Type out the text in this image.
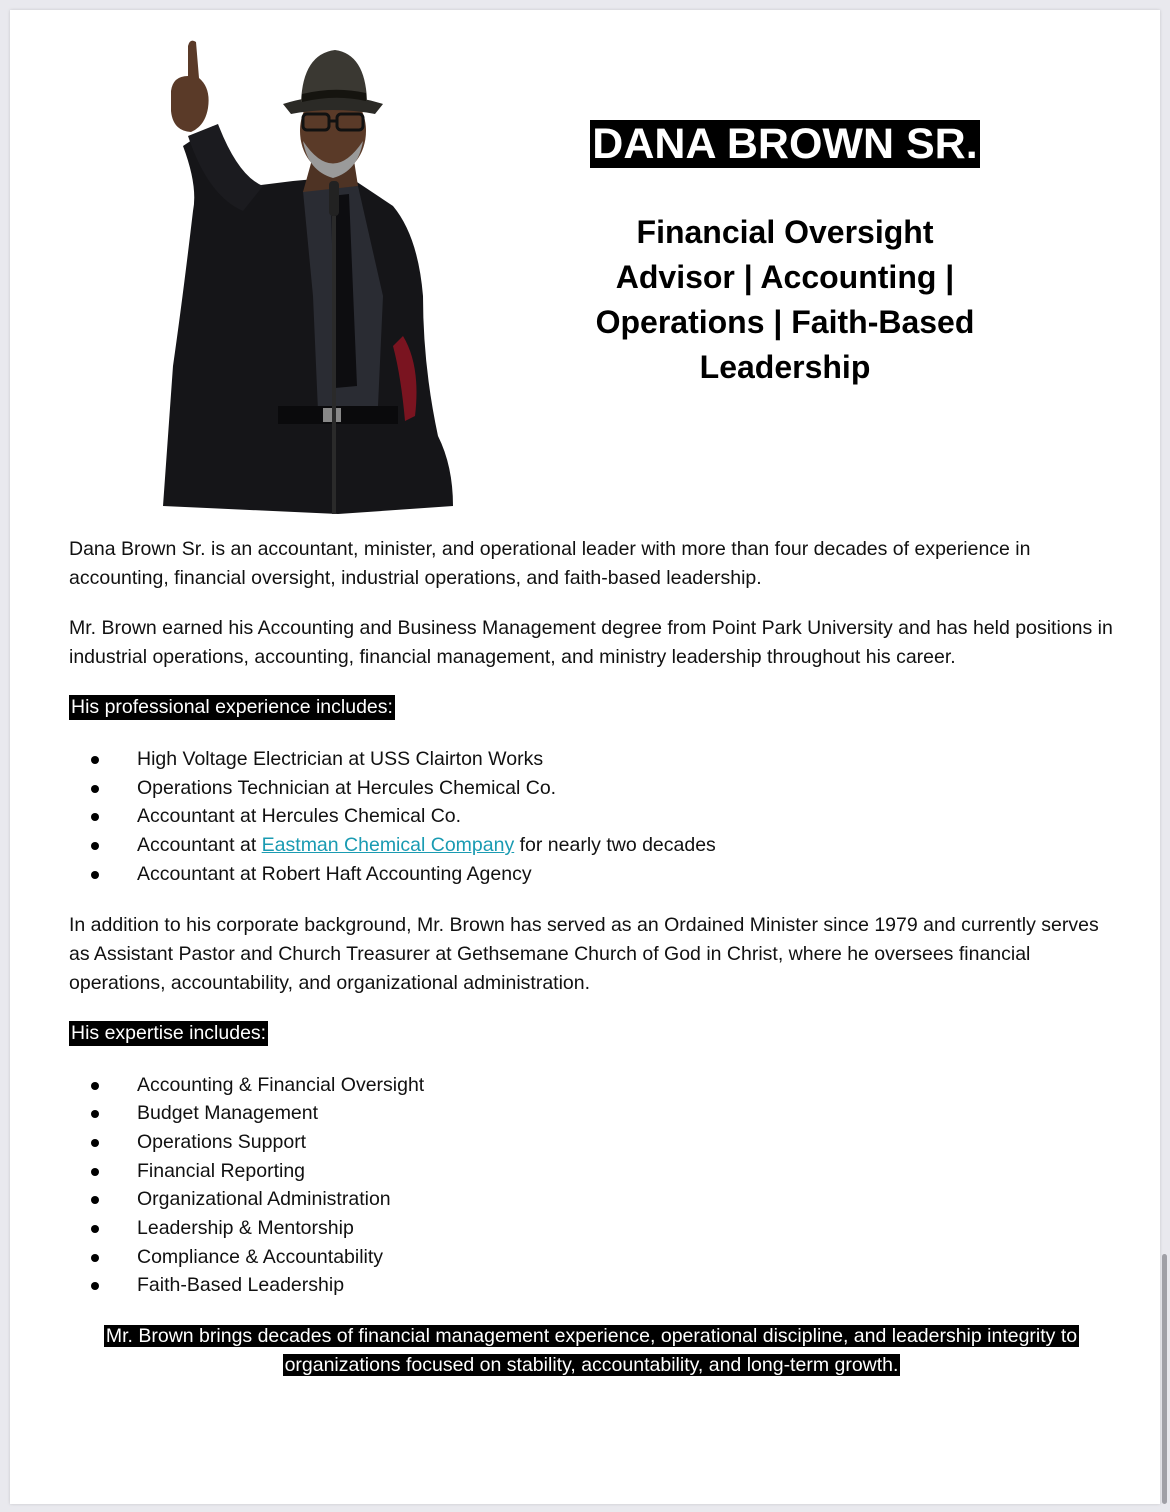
DANA BROWN SR.
Financial Oversight Advisor | Accounting | Operations | Faith-Based Leadership

Dana Brown Sr. is an accountant, minister, and operational leader with more than four decades of experience in accounting, financial oversight, industrial operations, and faith-based leadership.

Mr. Brown earned his Accounting and Business Management degree from Point Park University and has held positions in industrial operations, accounting, financial management, and ministry leadership throughout his career.

His professional experience includes:
High Voltage Electrician at USS Clairton Works
Operations Technician at Hercules Chemical Co.
Accountant at Hercules Chemical Co.
Accountant at Eastman Chemical Company for nearly two decades
Accountant at Robert Haft Accounting Agency

In addition to his corporate background, Mr. Brown has served as an Ordained Minister since 1979 and currently serves as Assistant Pastor and Church Treasurer at Gethsemane Church of God in Christ, where he oversees financial operations, accountability, and organizational administration.

His expertise includes:
Accounting & Financial Oversight
Budget Management
Operations Support
Financial Reporting
Organizational Administration
Leadership & Mentorship
Compliance & Accountability
Faith-Based Leadership
Mr. Brown brings decades of financial management experience, operational discipline, and leadership integrity to organizations focused on stability, accountability, and long-term growth.
